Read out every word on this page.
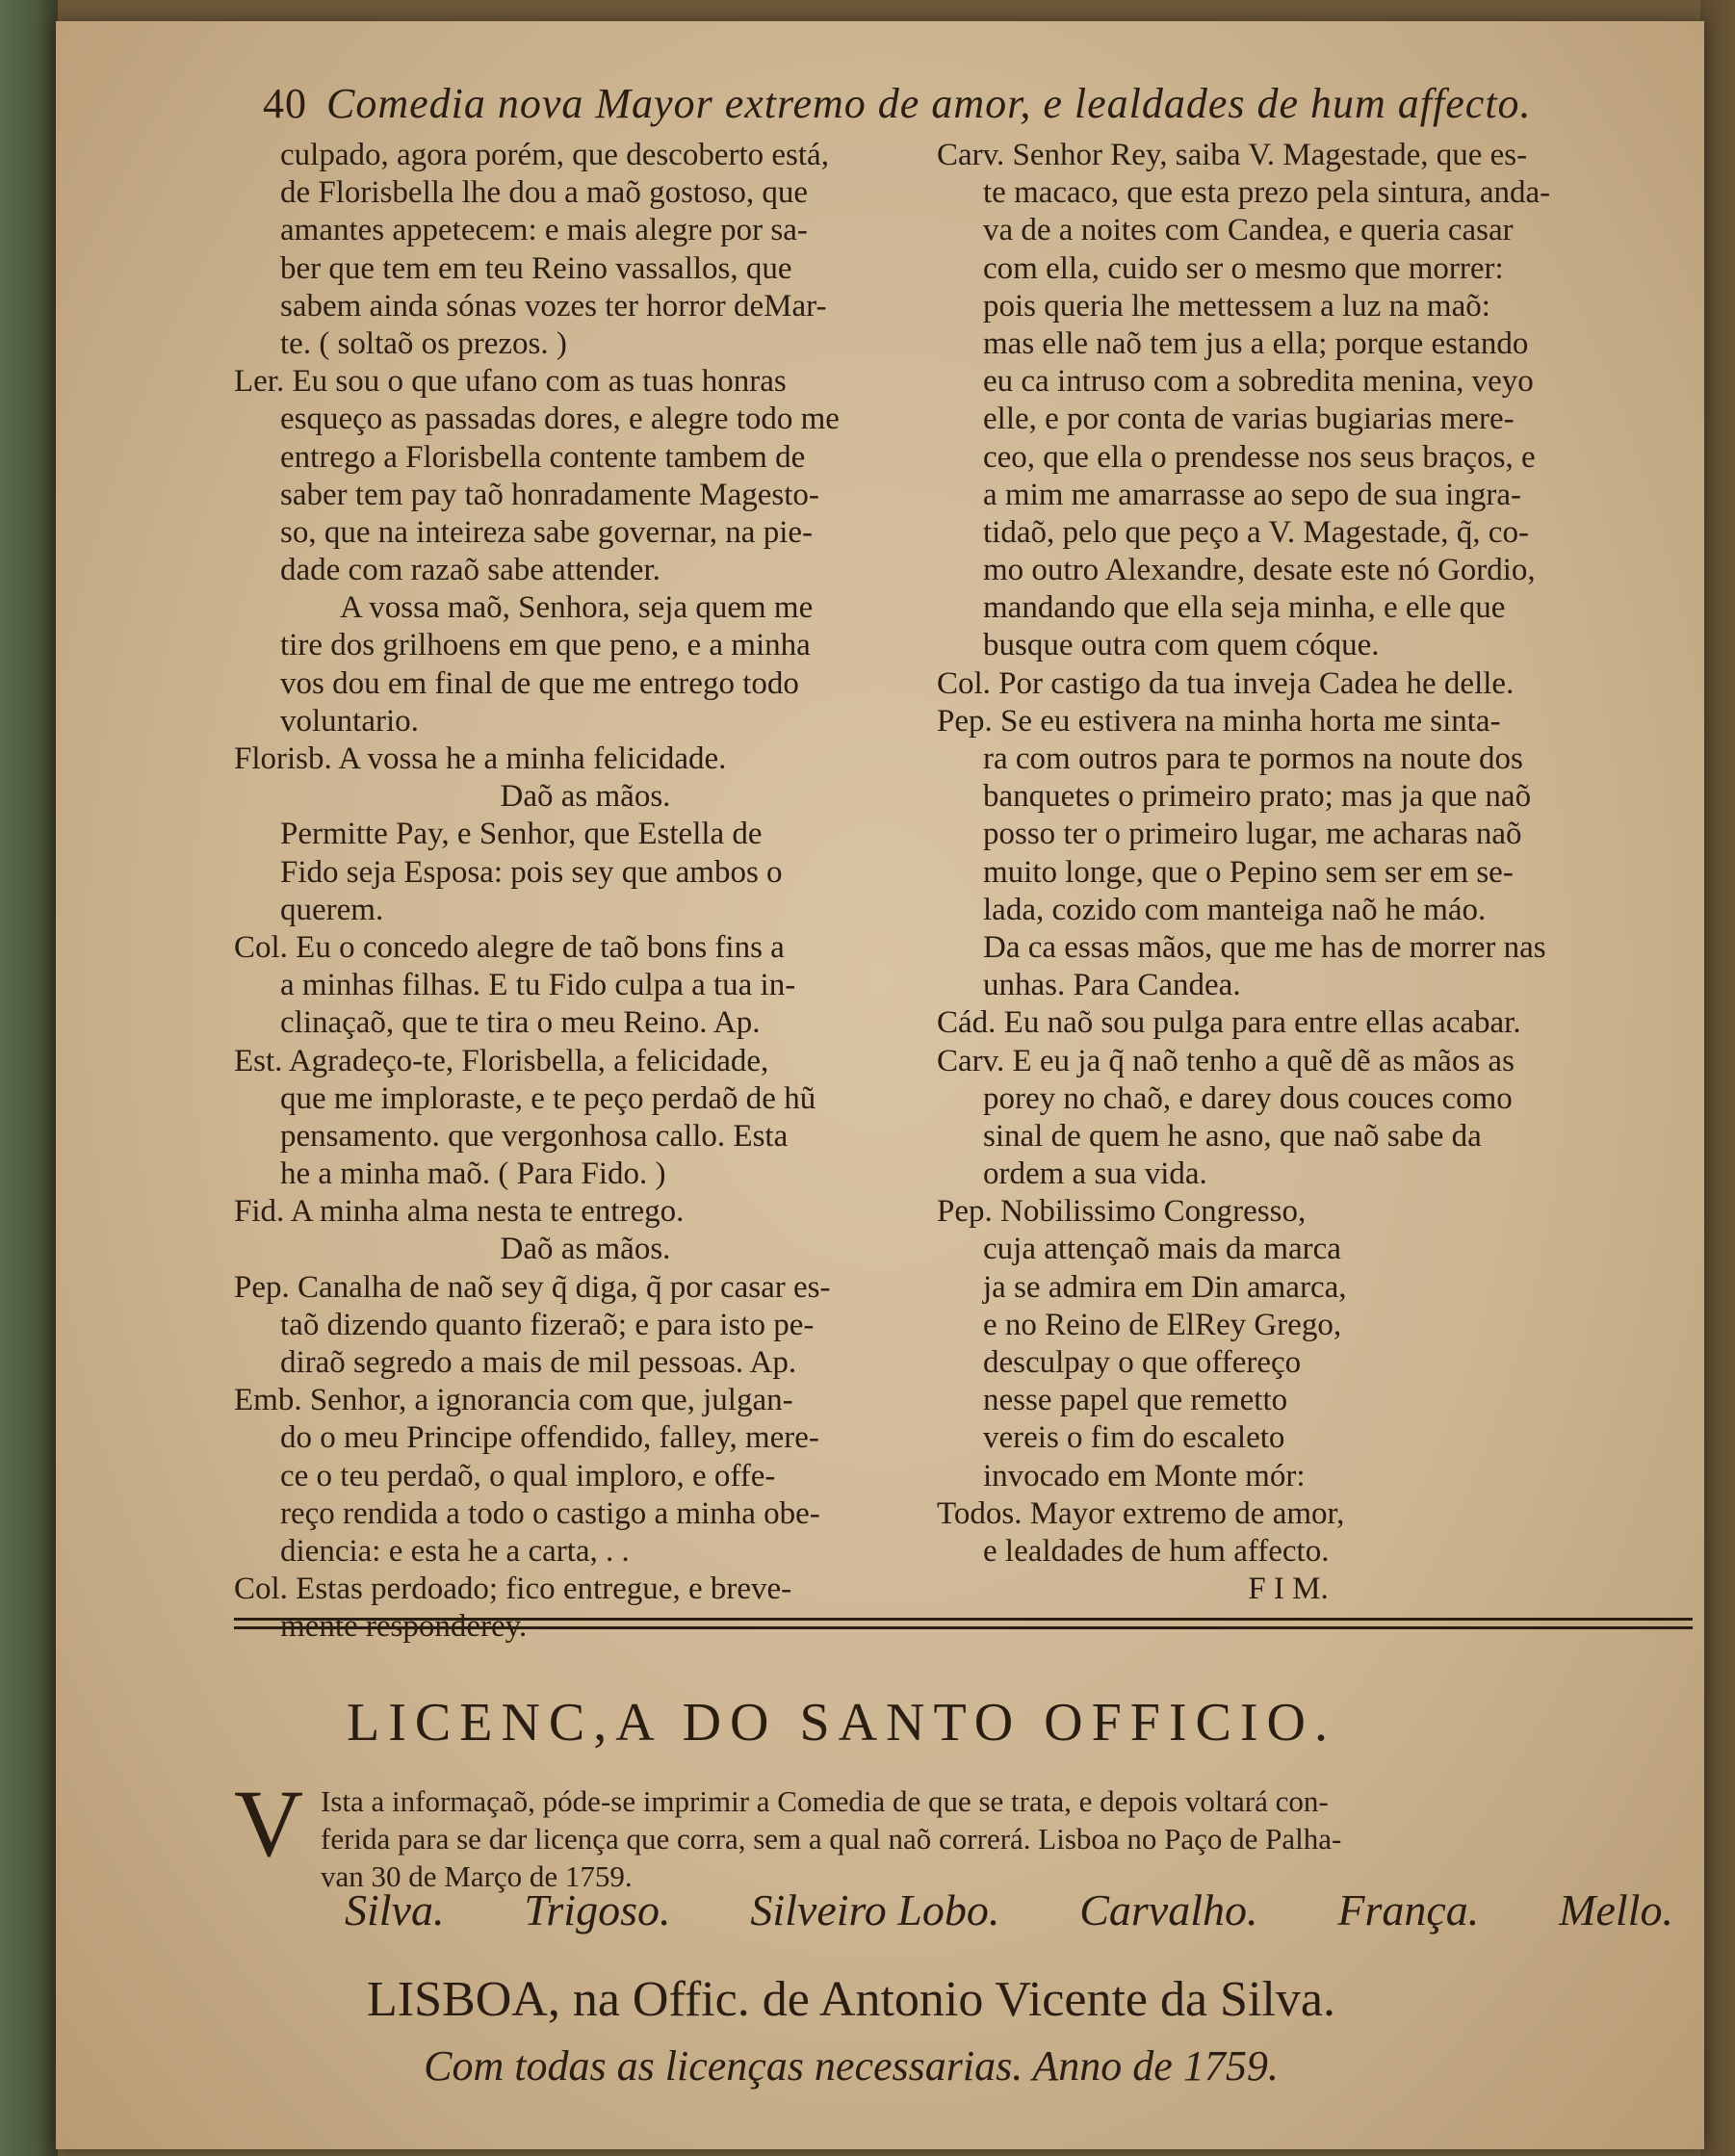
40 Comedia nova Mayor extremo de amor, e lealdades de hum affecto.
culpado, agora porém, que descoberto está,
de Florisbella lhe dou a maõ gostoso, que
amantes appetecem: e mais alegre por sa-
ber que tem em teu Reino vassallos, que
sabem ainda sónas vozes ter horror deMar-
te. ( soltaõ os prezos. )
Ler. Eu sou o que ufano com as tuas honras
esqueço as passadas dores, e alegre todo me
entrego a Florisbella contente tambem de
saber tem pay taõ honradamente Magesto-
so, que na inteireza sabe governar, na pie-
dade com razaõ sabe attender.
A vossa maõ, Senhora, seja quem me
tire dos grilhoens em que peno, e a minha
vos dou em final de que me entrego todo
voluntario.
Florisb. A vossa he a minha felicidade.
Daõ as mãos.
Permitte Pay, e Senhor, que Estella de
Fido seja Esposa: pois sey que ambos o
querem.
Col. Eu o concedo alegre de taõ bons fins a
a minhas filhas. E tu Fido culpa a tua in-
clinaçaõ, que te tira o meu Reino. Ap.
Est. Agradeço-te, Florisbella, a felicidade,
que me imploraste, e te peço perdaõ de hũ
pensamento. que vergonhosa callo. Esta
he a minha maõ. ( Para Fido. )
Fid. A minha alma nesta te entrego.
Daõ as mãos.
Pep. Canalha de naõ sey q̃ diga, q̃ por casar es-
taõ dizendo quanto fizeraõ; e para isto pe-
diraõ segredo a mais de mil pessoas. Ap.
Emb. Senhor, a ignorancia com que, julgan-
do o meu Principe offendido, falley, mere-
ce o teu perdaõ, o qual imploro, e offe-
reço rendida a todo o castigo a minha obe-
diencia: e esta he a carta, . .
Col. Estas perdoado; fico entregue, e breve-
mente responderey.
Carv. Senhor Rey, saiba V. Magestade, que es-
te macaco, que esta prezo pela sintura, anda-
va de a noites com Candea, e queria casar
com ella, cuido ser o mesmo que morrer:
pois queria lhe mettessem a luz na maõ:
mas elle naõ tem jus a ella; porque estando
eu ca intruso com a sobredita menina, veyo
elle, e por conta de varias bugiarias mere-
ceo, que ella o prendesse nos seus braços, e
a mim me amarrasse ao sepo de sua ingra-
tidaõ, pelo que peço a V. Magestade, q̃, co-
mo outro Alexandre, desate este nó Gordio,
mandando que ella seja minha, e elle que
busque outra com quem cóque.
Col. Por castigo da tua inveja Cadea he delle.
Pep. Se eu estivera na minha horta me sinta-
ra com outros para te pormos na noute dos
banquetes o primeiro prato; mas ja que naõ
posso ter o primeiro lugar, me acharas naõ
muito longe, que o Pepino sem ser em se-
lada, cozido com manteiga naõ he máo.
Da ca essas mãos, que me has de morrer nas
unhas. Para Candea.
Cád. Eu naõ sou pulga para entre ellas acabar.
Carv. E eu ja q̃ naõ tenho a quẽ dẽ as mãos as
porey no chaõ, e darey dous couces como
sinal de quem he asno, que naõ sabe da
ordem a sua vida.
Pep. Nobilissimo Congresso,
cuja attençaõ mais da marca
ja se admira em Din amarca,
e no Reino de ElRey Grego,
desculpay o que offereço
nesse papel que remetto
vereis o fim do escaleto
invocado em Monte mór:
Todos. Mayor extremo de amor,
e lealdades de hum affecto.
F I M.
LICENC,A DO SANTO OFFICIO.
V Ista a informaçaõ, póde-se imprimir a Comedia de que se trata, e depois voltará con-
ferida para se dar licença que corra, sem a qual naõ correrá. Lisboa no Paço de Palha-
van 30 de Março de 1759.
Silva. Trigoso. Silveiro Lobo. Carvalho. França. Mello.
LISBOA, na Offic. de Antonio Vicente da Silva.
Com todas as licenças necessarias. Anno de 1759.
